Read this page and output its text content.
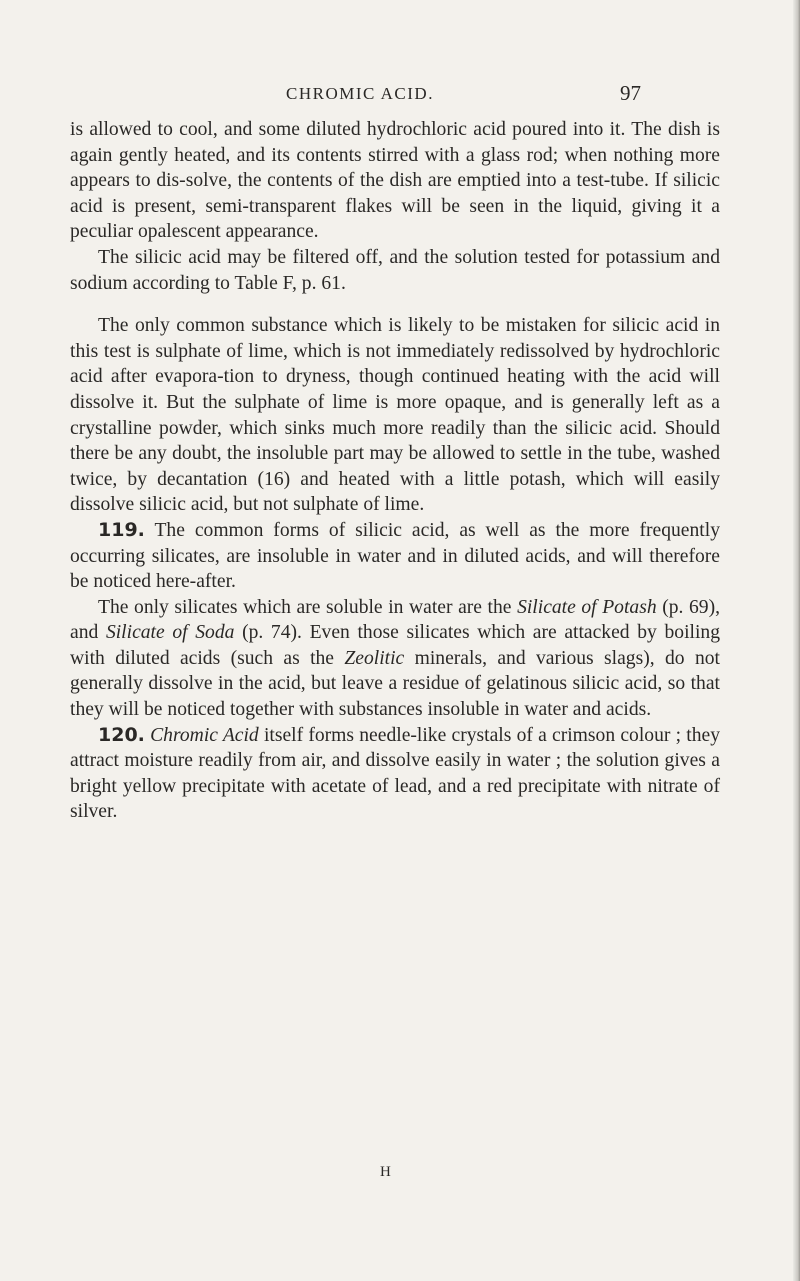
CHROMIC ACID.	97

is allowed to cool, and some diluted hydrochloric acid poured into it. The dish is again gently heated, and its contents stirred with a glass rod; when nothing more appears to dis-solve, the contents of the dish are emptied into a test-tube. If silicic acid is present, semi-transparent flakes will be seen in the liquid, giving it a peculiar opalescent appearance.

The silicic acid may be filtered off, and the solution tested for potassium and sodium according to Table F, p. 61.

The only common substance which is likely to be mistaken for silicic acid in this test is sulphate of lime, which is not immediately redissolved by hydrochloric acid after evapora-tion to dryness, though continued heating with the acid will dissolve it. But the sulphate of lime is more opaque, and is generally left as a crystalline powder, which sinks much more readily than the silicic acid. Should there be any doubt, the insoluble part may be allowed to settle in the tube, washed twice, by decantation (16) and heated with a little potash, which will easily dissolve silicic acid, but not sulphate of lime.

119. The common forms of silicic acid, as well as the more frequently occurring silicates, are insoluble in water and in diluted acids, and will therefore be noticed here-after.

The only silicates which are soluble in water are the Silicate of Potash (p. 69), and Silicate of Soda (p. 74). Even those silicates which are attacked by boiling with diluted acids (such as the Zeolitic minerals, and various slags), do not generally dissolve in the acid, but leave a residue of gelatinous silicic acid, so that they will be noticed together with substances insoluble in water and acids.

120. Chromic Acid itself forms needle-like crystals of a crimson colour ; they attract moisture readily from air, and dissolve easily in water ; the solution gives a bright yellow precipitate with acetate of lead, and a red precipitate with nitrate of silver.

H
